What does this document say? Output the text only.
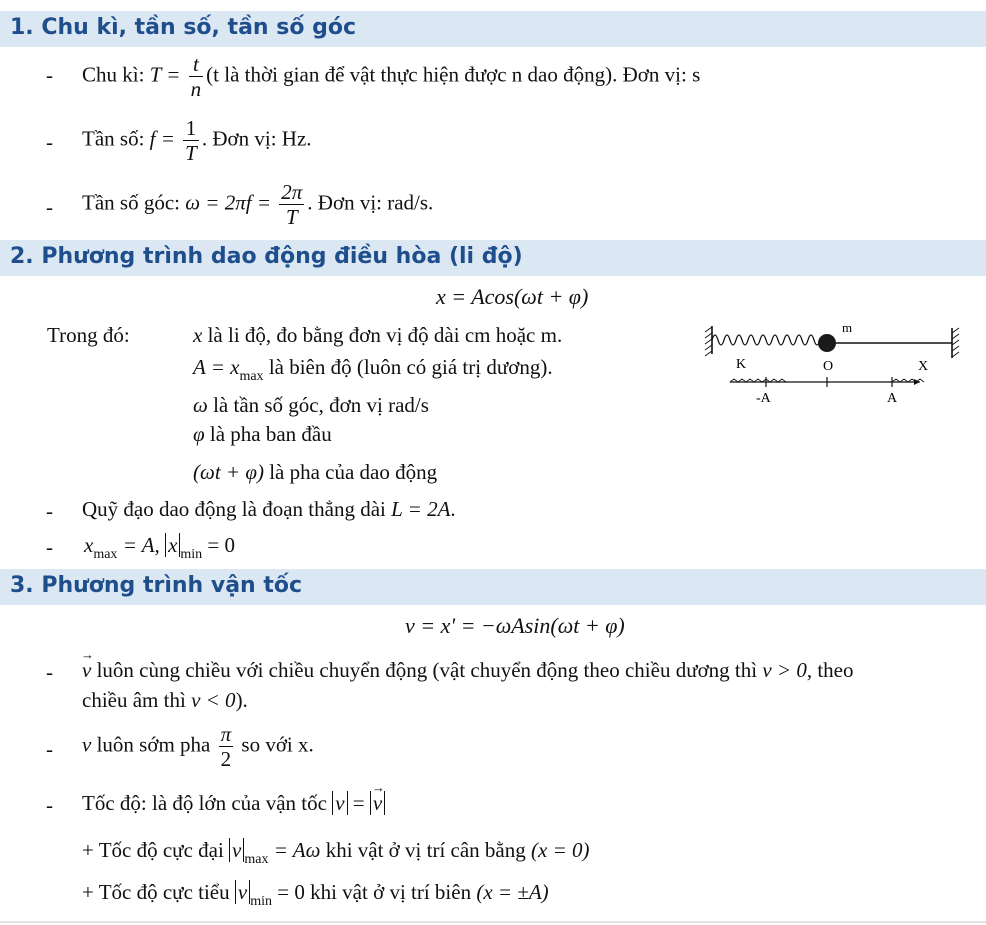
1. Chu kì, tần số, tần số góc
- Chu kì: $T = \frac{t}{n} (t$ là thời gian để vật thực hiện được n dao động). Đơn vị: s
- Tần số: $f = \frac{1}{T}$ . Đơn vị: Hz.
- Tần số góc: $\omega = 2\pi f = \frac{2\pi}{T}$ . Đơn vị: rad/s.
2. Phương trình dao động điều hòa (li độ)
x = Acos(ωt + φ)
Trong đó:	x là li độ, đo bằng đơn vị độ dài cm hoặc m.
$A = x_{max}$ là biên độ (luôn có giá trị dương).
ω là tần số góc, đơn vị rad/s
φ là pha ban đầu
(ωt + φ) là pha của dao động
- Quỹ đạo dao động là đoạn thẳng dài L = 2A.
- $x_{max} = A$, x $_{min}$ = 0
m
K	O	X
-A	A
3. Phương trình vận tốc
v = x' = −ωAsin(ωt + φ)
- → v luôn cùng chiều với chiều chuyển động (vật chuyển động theo chiều dương thì v > 0, theo
chiều âm thì v < 0).
- v luôn sớm pha $\frac{\pi}{2}$ so với x.
- Tốc độ: là độ lớn của vận tốc v = → v
+ Tốc độ cực đại v $_{max}$ = Aω khi vật ở vị trí cân bằng (x = 0)
+ Tốc độ cực tiểu v $_{min}$ = 0 khi vật ở vị trí biên (x = ±A)
